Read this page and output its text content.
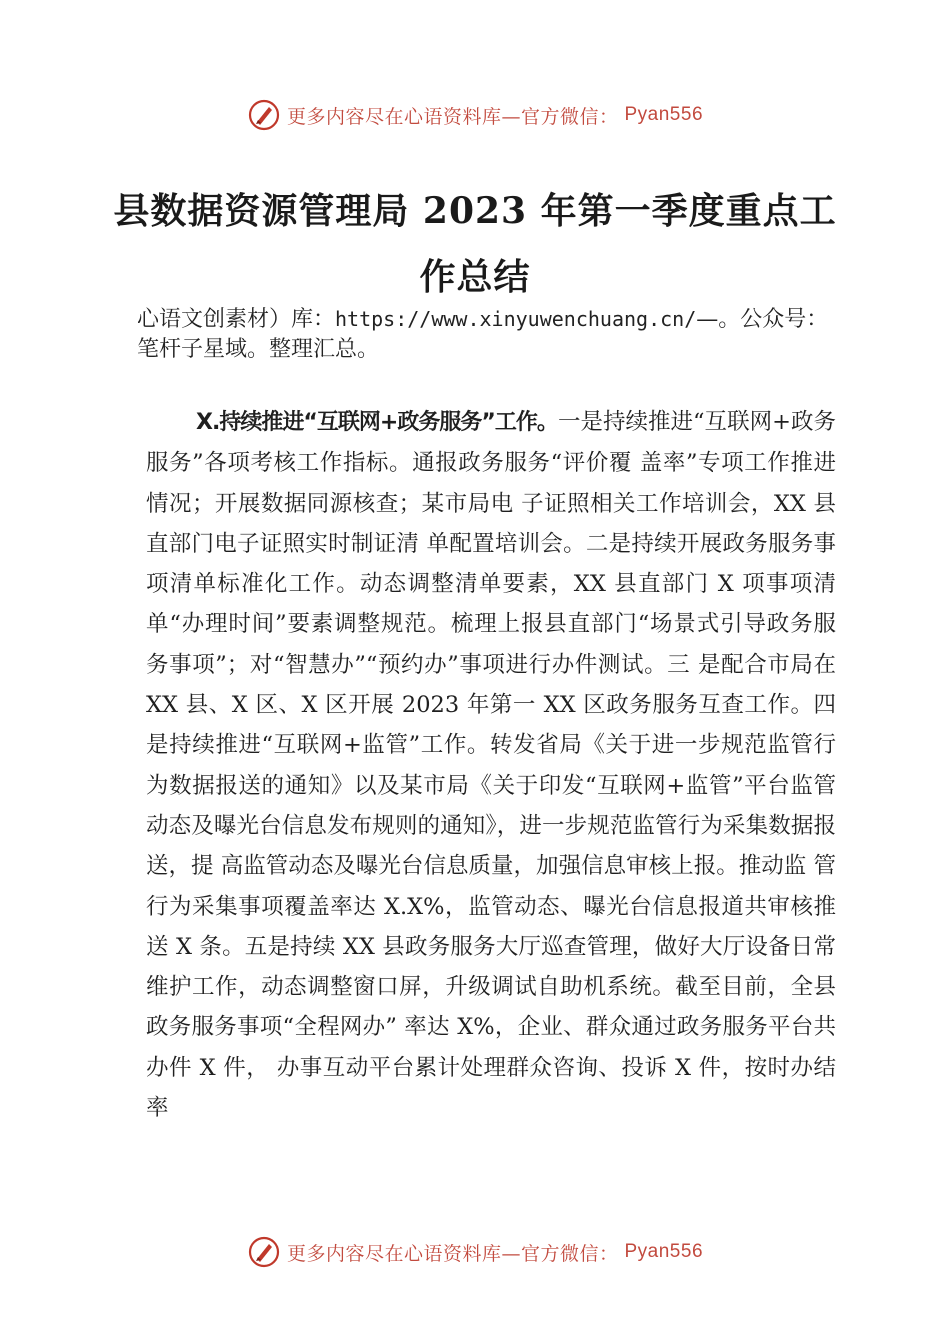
更多内容尽在心语资料库—官方微信： Pyan556
县数据资源管理局 2023 年第一季度重点工
作总结
心语文创素材）库：https://www.xinyuwenchuang.cn/—。公众号：笔杆子星域。整理汇总。
X.持续推进“互联网+政务服务”工作。一是持续推进“互联网+政务服务”各项考核工作指标。通报政务服务“评价覆 盖率”专项工作推进情况；开展数据同源核查；某市局电 子证照相关工作培训会，XX 县直部门电子证照实时制证清 单配置培训会。二是持续开展政务服务事项清单标准化工作。动态调整清单要素，XX 县直部门 X 项事项清单“办理时间”要素调整规范。梳理上报县直部门“场景式引导政务服 务事项”；对“智慧办”“预约办”事项进行办件测试。三 是配合市局在 XX 县、X 区、X 区开展 2023 年第一 XX 区政务服务互查工作。四是持续推进“互联网+监管”工作。转发省局《关于进一步规范监管行为数据报送的通知》以及某市局《关于印发“互联网+监管”平台监管动态及曝光台信息发布规则的通知》，进一步规范监管行为采集数据报送，提 高监管动态及曝光台信息质量，加强信息审核上报。推动监 管行为采集事项覆盖率达 X.X%，监管动态、曝光台信息报道共审核推送 X 条。五是持续 XX 县政务服务大厅巡查管理，做好大厅设备日常维护工作，动态调整窗口屏，升级调试自助机系统。截至目前，全县政务服务事项“全程网办” 率达 X%，企业、群众通过政务服务平台共办件 X 件， 办事互动平台累计处理群众咨询、投诉 X 件，按时办结率
更多内容尽在心语资料库—官方微信： Pyan556
